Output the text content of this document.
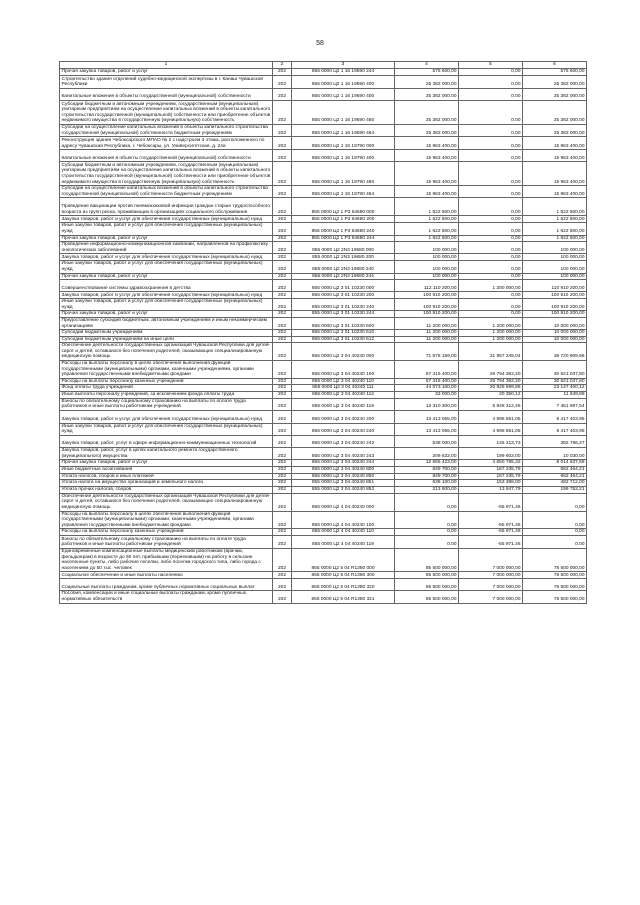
58
1	2	3	4	5	6
Прочая закупка товаров, работ и услуг	202	855 0000 Ц2 1 16 19590 244	575 600,00	0,00	575 600,00
Строительство здания отделений судебно-медицинской экспертизы в г. Канаш Чувашской Республики	202	855 0000 Ц2 1 16 19590 400	25 382 000,00	0,00	25 382 000,00
Капитальные вложения в объекты государственной (муниципальной) собственности	202	855 0000 Ц2 1 16 19590 400	25 382 000,00	0,00	25 382 000,00
Субсидии бюджетным и автономным учреждениям, государственным (муниципальным) унитарным предприятиям на осуществление капитальных вложений в объекты капитального строительства государственной (муниципальной) собственности или приобретение объектов недвижимого имущества в государственную (муниципальную) собственность	202	855 0000 Ц2 1 16 19590 460	25 382 000,00	0,00	25 382 000,00
Субсидии на осуществление капитальных вложений в объекты капитального строительства государственной (муниципальной) собственности бюджетным учреждениям	202	855 0000 Ц2 1 16 19590 464	25 382 000,00	0,00	25 382 000,00
Реконструкция здания Чебоксарского МПАО № 2 с надстроем 3 этажа, расположенного по адресу Чувашская Республика, г. Чебоксары, ул. Университетская, д. 24а	202	855 0000 Ц2 1 16 19790 000	15 963 400,00	0,00	15 963 400,00
Капитальные вложения в объекты государственной (муниципальной) собственности	202	855 0000 Ц2 1 16 19790 400	15 963 400,00	0,00	15 963 400,00
Субсидии бюджетным и автономным учреждениям, государственным (муниципальным) унитарным предприятиям на осуществление капитальных вложений в объекты капитального строительства государственной (муниципальной) собственности или приобретение объектов недвижимого имущества в государственную (муниципальную) собственность	202	855 0000 Ц2 1 16 19790 460	15 963 400,00	0,00	15 963 400,00
Субсидии на осуществление капитальных вложений в объекты капитального строительства государственной (муниципальной) собственности бюджетным учреждениям	202	855 0000 Ц2 1 16 19790 464	15 963 400,00	0,00	15 963 400,00
Проведение вакцинации против пневмококковой инфекции граждан старше трудоспособного возраста из групп риска, проживающих в организациях социального обслуживания	202	855 0000 Ц2 1 P3 54680 000	1 622 500,00	0,00	1 622 500,00
Закупка товаров, работ и услуг для обеспечения государственных (муниципальных) нужд	202	855 0000 Ц2 1 P3 54680 200	1 622 500,00	0,00	1 622 500,00
Иные закупки товаров, работ и услуг для обеспечения государственных (муниципальных) нужд	202	855 0000 Ц2 1 P3 54680 240	1 622 500,00	0,00	1 622 500,00
Прочая закупка товаров, работ и услуг	202	855 0000 Ц2 1 P3 54680 244	1 622 500,00	0,00	1 622 500,00
Проведение информационно-коммуникационной кампании, направленной на профилактику онкологических заболеваний	202	855 0000 Ц2 2N3 19680 000	100 000,00	0,00	100 000,00
Закупка товаров, работ и услуг для обеспечения государственных (муниципальных) нужд	202	855 0000 Ц2 2N3 19680 200	100 000,00	0,00	100 000,00
Иные закупки товаров, работ и услуг для обеспечения государственных (муниципальных) нужд	202	855 0000 Ц2 2N3 19680 240	100 000,00	0,00	100 000,00
Прочая закупка товаров, работ и услуг	202	855 0000 Ц2 2N3 19680 244	100 000,00	0,00	100 000,00
Совершенствование системы здравоохранения в детства	202	855 0000 Ц2 3 01 10230 000	112 110 200,00	1 200 000,00	110 910 200,00
Закупка товаров, работ и услуг для обеспечения государственных (муниципальных) нужд	202	855 0000 Ц2 3 01 10230 200	100 910 200,00	0,00	100 910 200,00
Иные закупки товаров, работ и услуг для обеспечения государственных (муниципальных) нужд	202	855 0000 Ц2 3 01 10230 240	100 910 200,00	0,00	100 910 200,00
Прочая закупка товаров, работ и услуг	202	855 0000 Ц2 3 01 10230 244	100 910 200,00	0,00	100 910 200,00
Предоставление субсидий бюджетным, автономным учреждениям и иным некоммерческим организациям	202	855 0000 Ц2 3 01 10230 600	11 200 000,00	1 200 000,00	10 000 000,00
Субсидии бюджетным учреждениям	202	855 0000 Ц2 3 01 10230 610	11 200 000,00	1 200 000,00	10 000 000,00
Субсидии бюджетным учреждениям на иные цели	202	855 0000 Ц2 3 01 10230 612	11 200 000,00	1 200 000,00	10 000 000,00
Обеспечение деятельности государственных организаций Чувашской Республики для детей-сирот и детей, оставшихся без попечения родителей, оказывающих специализированную медицинскую помощь	202	855 0000 Ц2 3 04 40240 000	71 678 159,00	31 957 249,04	39 720 909,96
Расходы на выплаты персоналу в целях обеспечения выполнения функций государственными (муниципальными) органами, казенными учреждениями, органами управления государственными внебюджетными фондами	202	855 0000 Ц2 3 04 40240 100	57 415 400,00	26 794 362,20	30 621 037,80
Расходы на выплаты персоналу казенных учреждений	202	855 0000 Ц2 3 04 40240 110	57 415 400,00	26 794 362,20	30 621 037,80
Фонд оплаты труда учреждений	202	855 0000 Ц2 3 04 40240 111	44 073 100,00	20 925 699,88	23 147 400,12
Иные выплаты персоналу учреждений, за исключением фонда оплаты труда	202	855 0000 Ц2 3 04 40240 112	32 000,00	20 350,12	11 649,88
Взносы по обязательному социальному страхованию на выплаты по оплате труда работников и иные выплаты работникам учреждений	202	855 0000 Ц2 3 04 40240 119	13 310 300,00	5 848 312,46	7 461 987,54
Закупка товаров, работ и услуг для обеспечения государственных (муниципальных) нужд	202	855 0000 Ц2 3 04 40240 200	13 413 055,00	4 995 651,05	8 417 403,95
Иные закупки товаров, работ и услуг для обеспечения государственных (муниципальных) нужд	202	855 0000 Ц2 3 04 40240 240	13 413 055,00	4 995 651,05	8 417 403,95
Закупка товаров, работ, услуг в сфере информационно-коммуникационных технологий	202	855 0000 Ц2 3 04 40240 242	538 000,00	145 213,73	392 786,27
Закупка товаров, работ, услуг в целях капитального ремонта государственного (муниципального) имущества	202	855 0000 Ц2 3 04 40240 243	209 632,00	199 602,00	10 030,00
Прочая закупка товаров, работ и услуг	202	855 0000 Ц2 3 04 40240 244	12 665 423,00	4 650 785,32	8 014 637,68
Иные бюджетные ассигнования	202	855 0000 Ц2 3 04 40240 800	849 700,00	167 235,79	682 464,21
Уплата налогов, сборов и иных платежей	202	855 0000 Ц2 3 04 40240 850	849 700,00	167 235,79	682 464,21
Уплата налога на имущество организаций и земельного налога	202	855 0000 Ц2 3 04 40240 851	636 100,00	153 388,00	482 712,00
Уплата прочих налогов, сборов	202	855 0000 Ц2 3 04 40240 852	213 600,00	13 847,79	199 752,21
Обеспечение деятельности государственных организаций Чувашской Республики для детей-сирот и детей, оставшихся без попечения родителей, оказывающих специализированную медицинскую помощь	202	855 0000 Ц2 4 04 40240 000	0,00	-55 971,46	0,00
Расходы на выплаты персоналу в целях обеспечения выполнения функций государственными (муниципальными) органами, казенными учреждениями, органами управления государственными внебюджетными фондами	202	855 0000 Ц2 4 04 40240 100	0,00	-55 971,46	0,00
Расходы на выплаты персоналу казенных учреждений	202	855 0000 Ц2 4 04 40240 110	0,00	-55 971,46	0,00
Взносы по обязательному социальному страхованию на выплаты по оплате труда работников и иные выплаты работникам учреждений	202	855 0000 Ц2 4 04 40240 119	0,00	-55 971,46	0,00
Единовременные компенсационные выплаты медицинским работникам (врачам, фельдшерам) в возрасте до 50 лет, прибывшим (переехавшим) на работу в сельские населенные пункты, либо рабочие поселки, либо поселки городского типа, либо города с населением до 50 тыс. человек	202	855 0000 Ц2 5 04 R1380 000	85 500 000,00	7 000 000,00	78 500 000,00
Социальное обеспечение и иные выплаты населению	202	855 0000 Ц2 5 04 R1380 300	85 500 000,00	7 000 000,00	78 500 000,00
Социальные выплаты гражданам, кроме публичных нормативных социальных выплат	202	855 0000 Ц2 5 04 R1380 320	85 500 000,00	7 000 000,00	78 500 000,00
Пособия, компенсации и иные социальные выплаты гражданам, кроме публичных нормативных обязательств	202	855 0000 Ц2 5 04 R1380 321	85 500 000,00	7 000 000,00	78 500 000,00
